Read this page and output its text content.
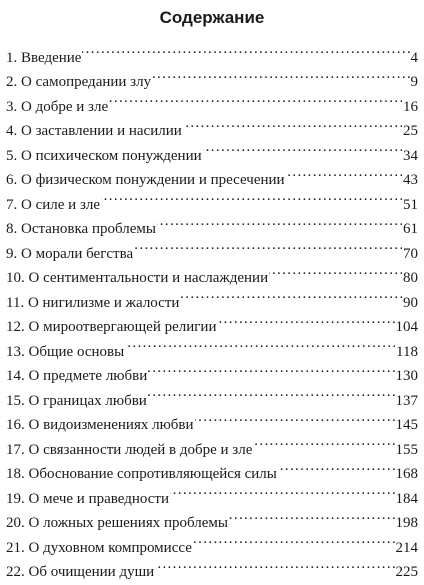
Содержание
1. Введение . . .	4
2. О самопредании злу . . .	9
3. О добре и зле . . .	16
4. О заставлении и насилии . . .	25
5. О психическом понуждении . . .	34
6. О физическом понуждении и пресечении . . .	43
7. О силе и зле . . .	51
8. Остановка проблемы . . .	61
9. О морали бегства . . .	70
10. О сентиментальности и наслаждении . . .	80
11. О нигилизме и жалости . . .	90
12. О мироотвергающей религии . . .	104
13. Общие основы . . .	118
14. О предмете любви . . .	130
15. О границах любви . . .	137
16. О видоизменениях любви . . .	145
17. О связанности людей в добре и зле . . .	155
18. Обоснование сопротивляющейся силы . . .	168
19. О мече и праведности . . .	184
20. О ложных решениях проблемы . . .	198
21. О духовном компромиссе . . .	214
22. Об очищении души . . .	225
